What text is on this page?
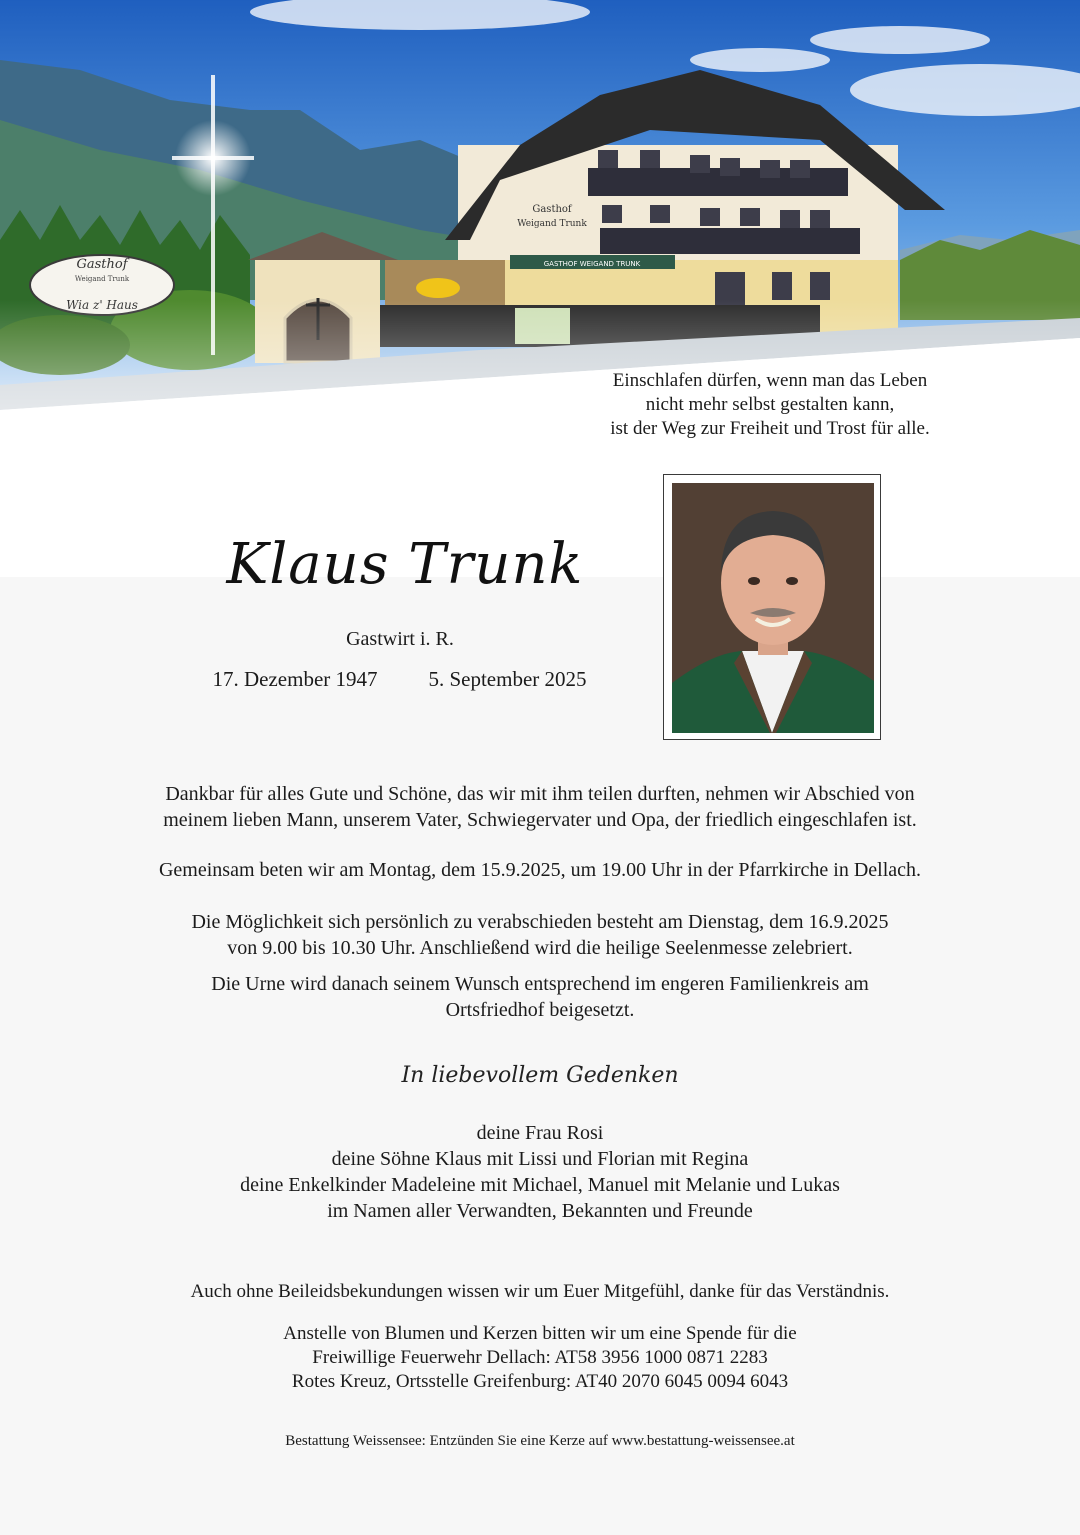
Gasthof
Weigand Trunk
Gasthof
Weigand Trunk
GASTHOF WEIGAND TRUNK
Einschlafen dürfen, wenn man das Leben
nicht mehr selbst gestalten kann,
ist der Weg zur Freiheit und Trost für alle.
Klaus Trunk
Gastwirt i. R.
17. Dezember 1947	5. September 2025
Dankbar für alles Gute und Schöne, das wir mit ihm teilen durften, nehmen wir Abschied von
meinem lieben Mann, unserem Vater, Schwiegervater und Opa, der friedlich eingeschlafen ist.
Gemeinsam beten wir am Montag, dem 15.9.2025, um 19.00 Uhr in der Pfarrkirche in Dellach.
Die Möglichkeit sich persönlich zu verabschieden besteht am Dienstag, dem 16.9.2025
von 9.00 bis 10.30 Uhr. Anschließend wird die heilige Seelenmesse zelebriert.
Die Urne wird danach seinem Wunsch entsprechend im engeren Familienkreis am
Ortsfriedhof beigesetzt.
In liebevollem Gedenken
deine Frau Rosi
deine Söhne Klaus mit Lissi und Florian mit Regina
deine Enkelkinder Madeleine mit Michael, Manuel mit Melanie und Lukas
im Namen aller Verwandten, Bekannten und Freunde
Auch ohne Beileidsbekundungen wissen wir um Euer Mitgefühl, danke für das Verständnis.
Anstelle von Blumen und Kerzen bitten wir um eine Spende für die
Freiwillige Feuerwehr Dellach: AT58 3956 1000 0871 2283
Rotes Kreuz, Ortsstelle Greifenburg: AT40 2070 6045 0094 6043
Bestattung Weissensee: Entzünden Sie eine Kerze auf www.bestattung-weissensee.at
